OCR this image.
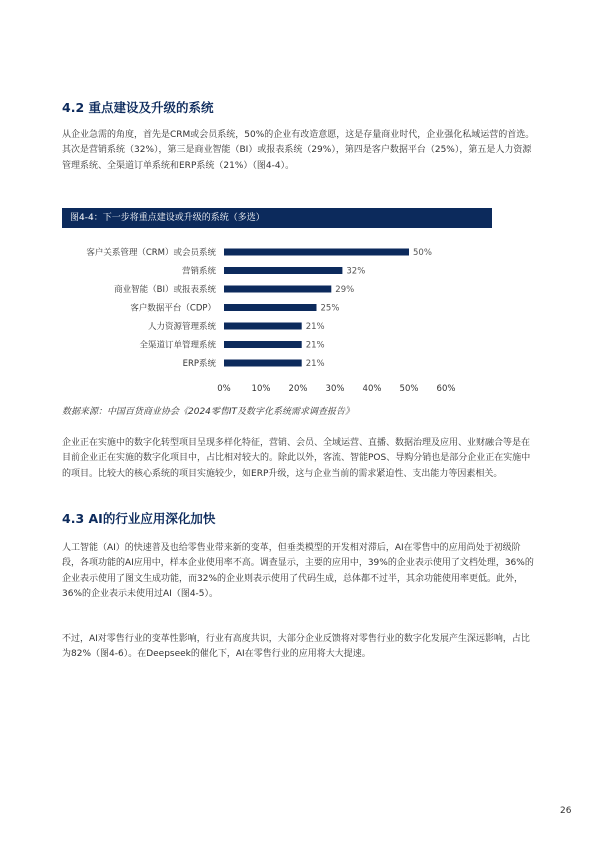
4.2 重点建设及升级的系统

从企业急需的角度，首先是CRM或会员系统，50%的企业有改造意愿，这是存量商业时代，企业强化私域运营的首选。其次是营销系统（32%），第三是商业智能（BI）或报表系统（29%），第四是客户数据平台（25%），第五是人力资源管理系统、全渠道订单系统和ERP系统（21%）（图4-4）。

图4-4：下一步将重点建设或升级的系统（多选）
客户关系管理（CRM）或会员系统	50%
营销系统	32%
商业智能（BI）或报表系统	29%
客户数据平台（CDP）	25%
人力资源管理系统	21%
全渠道订单管理系统	21%
ERP系统	21%
0% 10% 20% 30% 40% 50% 60%

数据来源：中国百货商业协会《2024零售IT及数字化系统需求调查报告》

企业正在实施中的数字化转型项目呈现多样化特征，营销、会员、全域运营、直播、数据治理及应用、业财融合等是在目前企业正在实施的数字化项目中，占比相对较大的。除此以外，客流、智能POS、导购分销也是部分企业正在实施中的项目。比较大的核心系统的项目实施较少，如ERP升级，这与企业当前的需求紧迫性、支出能力等因素相关。

4.3 AI的行业应用深化加快

人工智能（AI）的快速普及也给零售业带来新的变革，但垂类模型的开发相对滞后，AI在零售中的应用尚处于初级阶段，各项功能的AI应用中，样本企业使用率不高。调查显示，主要的应用中，39%的企业表示使用了文档处理，36%的企业表示使用了图文生成功能，而32%的企业则表示使用了代码生成，总体都不过半，其余功能使用率更低。此外，36%的企业表示未使用过AI（图4-5）。

不过，AI对零售行业的变革性影响，行业有高度共识，大部分企业反馈将对零售行业的数字化发展产生深远影响，占比为82%（图4-6）。在Deepseek的催化下，AI在零售行业的应用将大大提速。

26
